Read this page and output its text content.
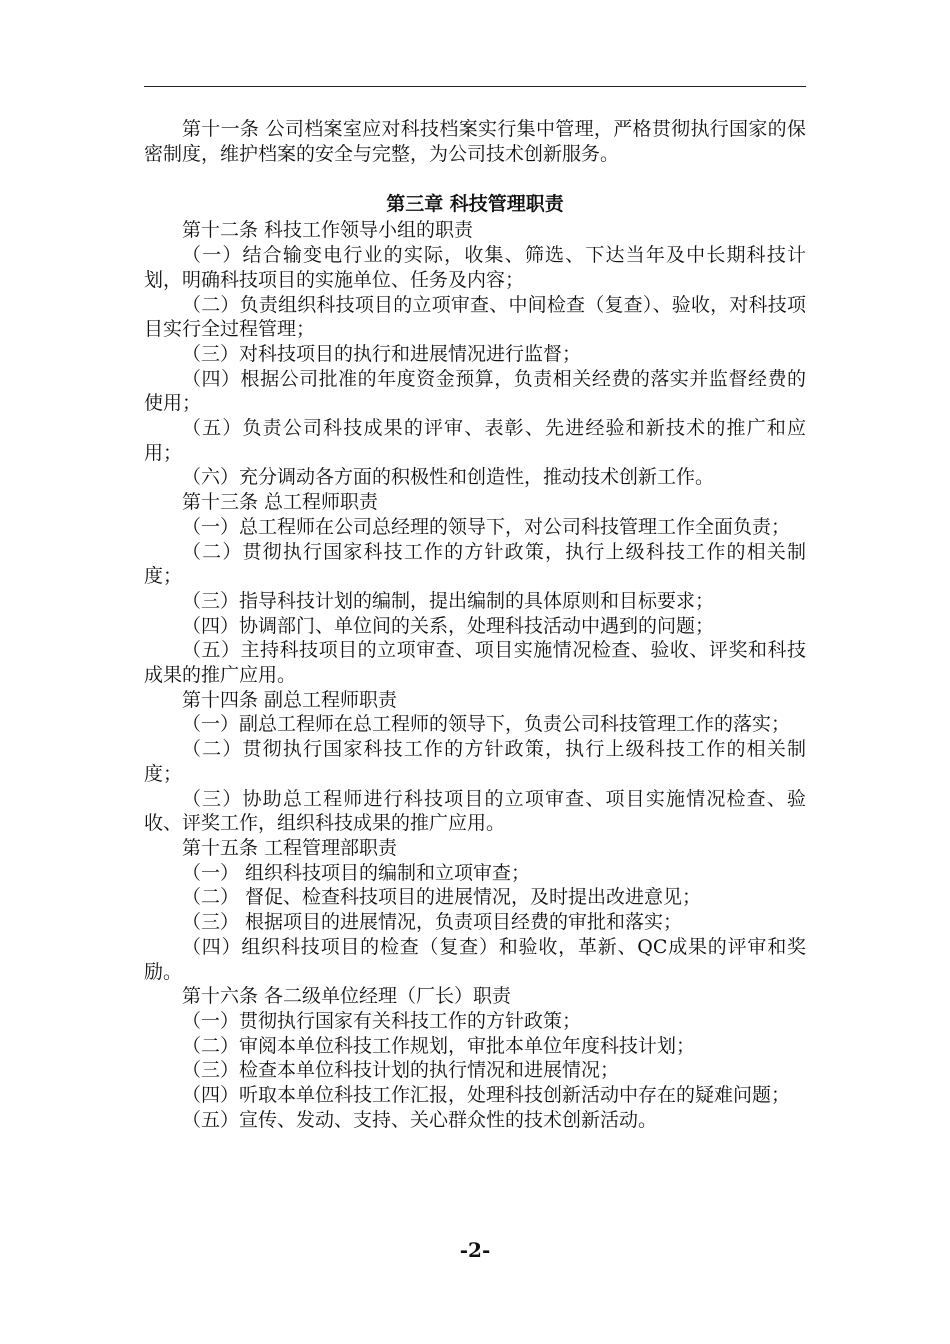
第十一条 公司档案室应对科技档案实行集中管理，严格贯彻执行国家的保密制度，维护档案的安全与完整，为公司技术创新服务。

第三章 科技管理职责

第十二条 科技工作领导小组的职责

（一）结合输变电行业的实际，收集、筛选、下达当年及中长期科技计划，明确科技项目的实施单位、任务及内容；

（二）负责组织科技项目的立项审查、中间检查（复查）、验收，对科技项目实行全过程管理；

（三）对科技项目的执行和进展情况进行监督；

（四）根据公司批准的年度资金预算，负责相关经费的落实并监督经费的使用；

（五）负责公司科技成果的评审、表彰、先进经验和新技术的推广和应用；

（六）充分调动各方面的积极性和创造性，推动技术创新工作。

第十三条 总工程师职责

（一）总工程师在公司总经理的领导下，对公司科技管理工作全面负责；

（二）贯彻执行国家科技工作的方针政策，执行上级科技工作的相关制度；

（三）指导科技计划的编制，提出编制的具体原则和目标要求；

（四）协调部门、单位间的关系，处理科技活动中遇到的问题；

（五）主持科技项目的立项审查、项目实施情况检查、验收、评奖和科技成果的推广应用。

第十四条 副总工程师职责

（一）副总工程师在总工程师的领导下，负责公司科技管理工作的落实；

（二）贯彻执行国家科技工作的方针政策，执行上级科技工作的相关制度；

（三）协助总工程师进行科技项目的立项审查、项目实施情况检查、验收、评奖工作，组织科技成果的推广应用。

第十五条 工程管理部职责

（一） 组织科技项目的编制和立项审查；

（二） 督促、检查科技项目的进展情况，及时提出改进意见；

（三） 根据项目的进展情况，负责项目经费的审批和落实；

（四）组织科技项目的检查（复查）和验收，革新、QC成果的评审和奖励。

第十六条 各二级单位经理（厂长）职责

（一）贯彻执行国家有关科技工作的方针政策；

（二）审阅本单位科技工作规划，审批本单位年度科技计划；

（三）检查本单位科技计划的执行情况和进展情况；

（四）听取本单位科技工作汇报，处理科技创新活动中存在的疑难问题；

（五）宣传、发动、支持、关心群众性的技术创新活动。

-2-
